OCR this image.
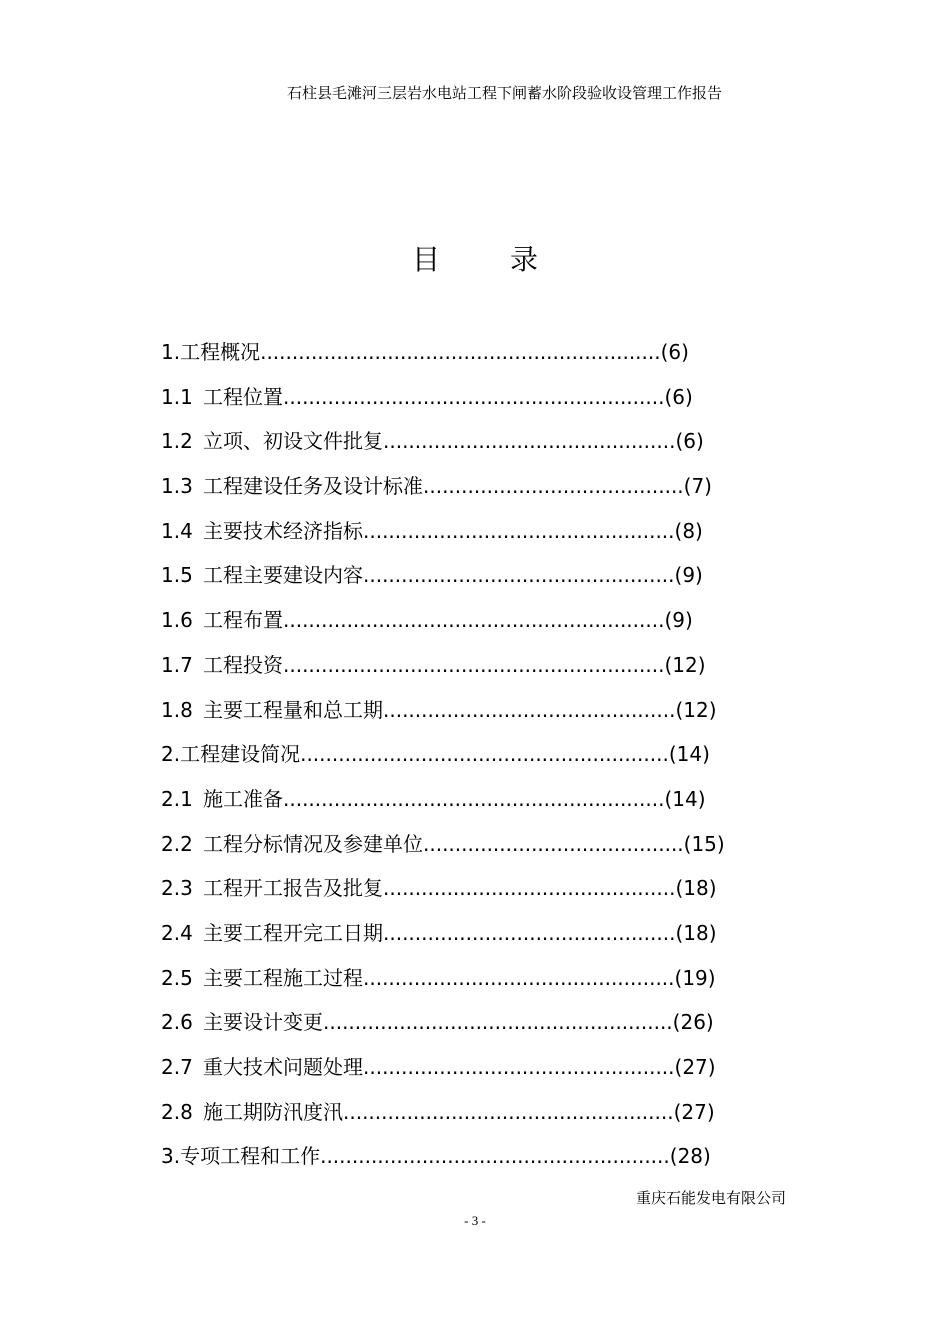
石柱县毛滩河三层岩水电站工程下闸蓄水阶段验收设管理工作报告
目	录
1. 工程概况 ............................................................... (6)
1.1 工程位置 ............................................................ (6)
1.2 立项、初设文件批复 .............................................. (6)
1.3 工程建设任务及设计标准 ......................................... (7)
1.4 主要技术经济指标 ................................................. (8)
1.5 工程主要建设内容 ................................................. (9)
1.6 工程布置 ............................................................ (9)
1.7 工程投资 ............................................................ (12)
1.8 主要工程量和总工期 .............................................. (12)
2. 工程建设简况 .......................................................... (14)
2.1 施工准备 ............................................................ (14)
2.2 工程分标情况及参建单位 ......................................... (15)
2.3 工程开工报告及批复 .............................................. (18)
2.4 主要工程开完工日期 .............................................. (18)
2.5 主要工程施工过程 ................................................. (19)
2.6 主要设计变更 ....................................................... (26)
2.7 重大技术问题处理 ................................................. (27)
2.8 施工期防汛度汛 .................................................... (27)
3. 专项工程和工作 ....................................................... (28)
重庆石能发电有限公司
- 3 -
